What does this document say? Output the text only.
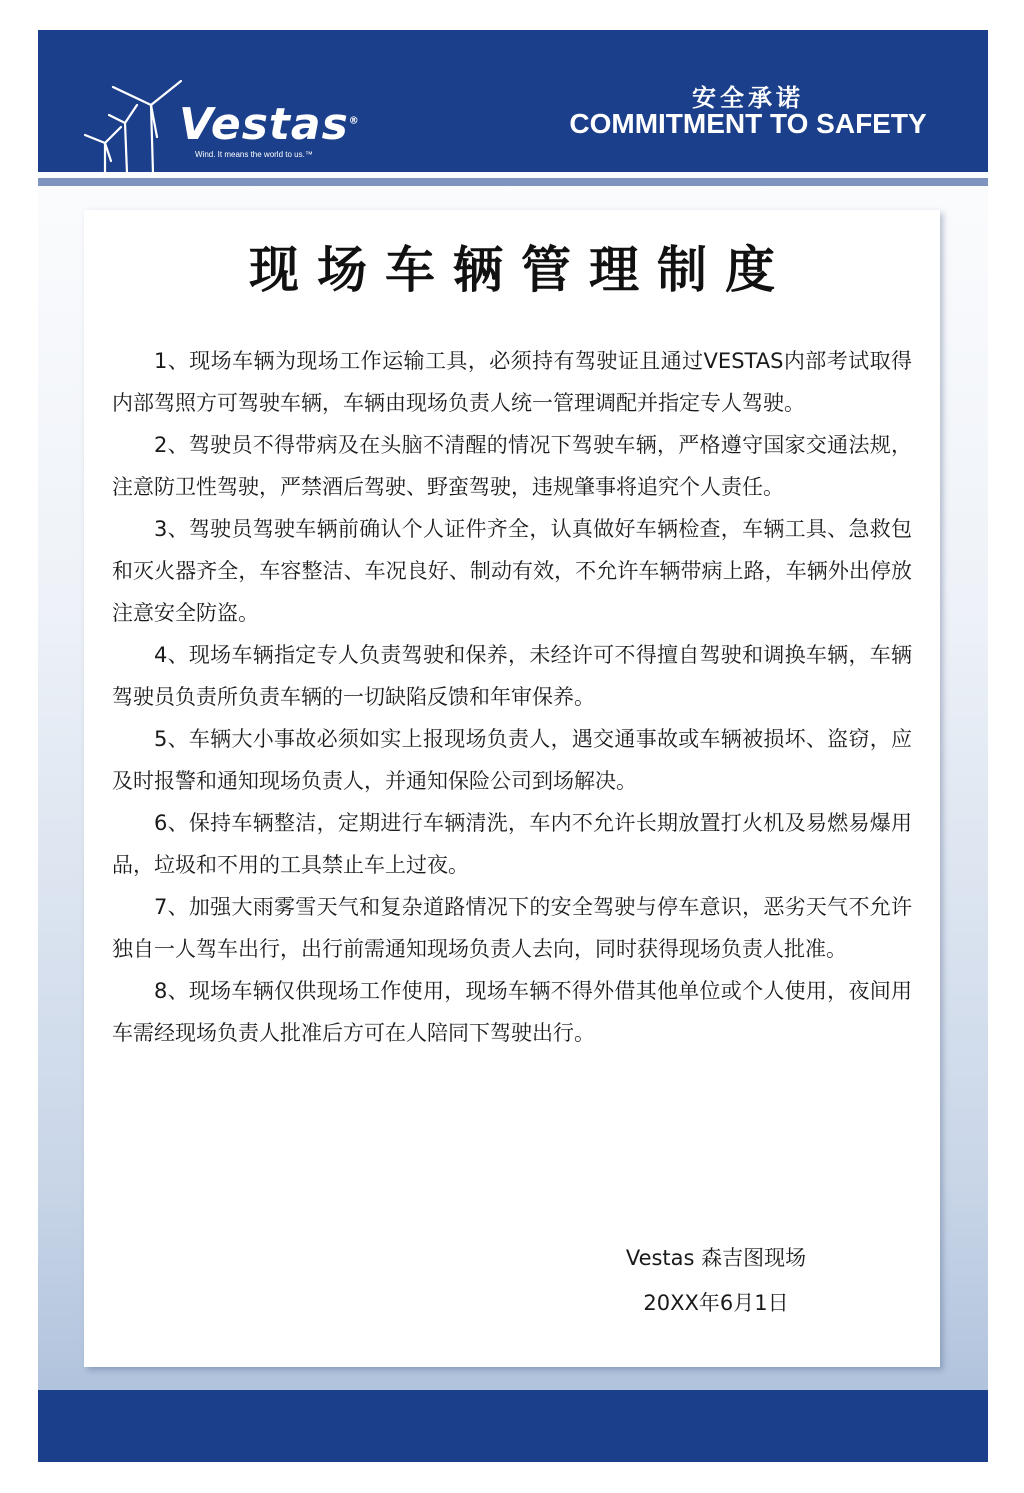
Vestas®
Wind. It means the world to us.™
安全承诺
COMMITMENT TO SAFETY
现场车辆管理制度

1、现场车辆为现场工作运输工具，必须持有驾驶证且通过VESTAS内部考试取得内部驾照方可驾驶车辆，车辆由现场负责人统一管理调配并指定专人驾驶。

2、驾驶员不得带病及在头脑不清醒的情况下驾驶车辆，严格遵守国家交通法规，注意防卫性驾驶，严禁酒后驾驶、野蛮驾驶，违规肇事将追究个人责任。

3、驾驶员驾驶车辆前确认个人证件齐全，认真做好车辆检查，车辆工具、急救包和灭火器齐全，车容整洁、车况良好、制动有效，不允许车辆带病上路，车辆外出停放注意安全防盗。

4、现场车辆指定专人负责驾驶和保养，未经许可不得擅自驾驶和调换车辆，车辆驾驶员负责所负责车辆的一切缺陷反馈和年审保养。

5、车辆大小事故必须如实上报现场负责人，遇交通事故或车辆被损坏、盗窃，应及时报警和通知现场负责人，并通知保险公司到场解决。

6、保持车辆整洁，定期进行车辆清洗，车内不允许长期放置打火机及易燃易爆用品，垃圾和不用的工具禁止车上过夜。

7、加强大雨雾雪天气和复杂道路情况下的安全驾驶与停车意识，恶劣天气不允许独自一人驾车出行，出行前需通知现场负责人去向，同时获得现场负责人批准。

8、现场车辆仅供现场工作使用，现场车辆不得外借其他单位或个人使用，夜间用车需经现场负责人批准后方可在人陪同下驾驶出行。

Vestas 森吉图现场
20XX年6月1日
